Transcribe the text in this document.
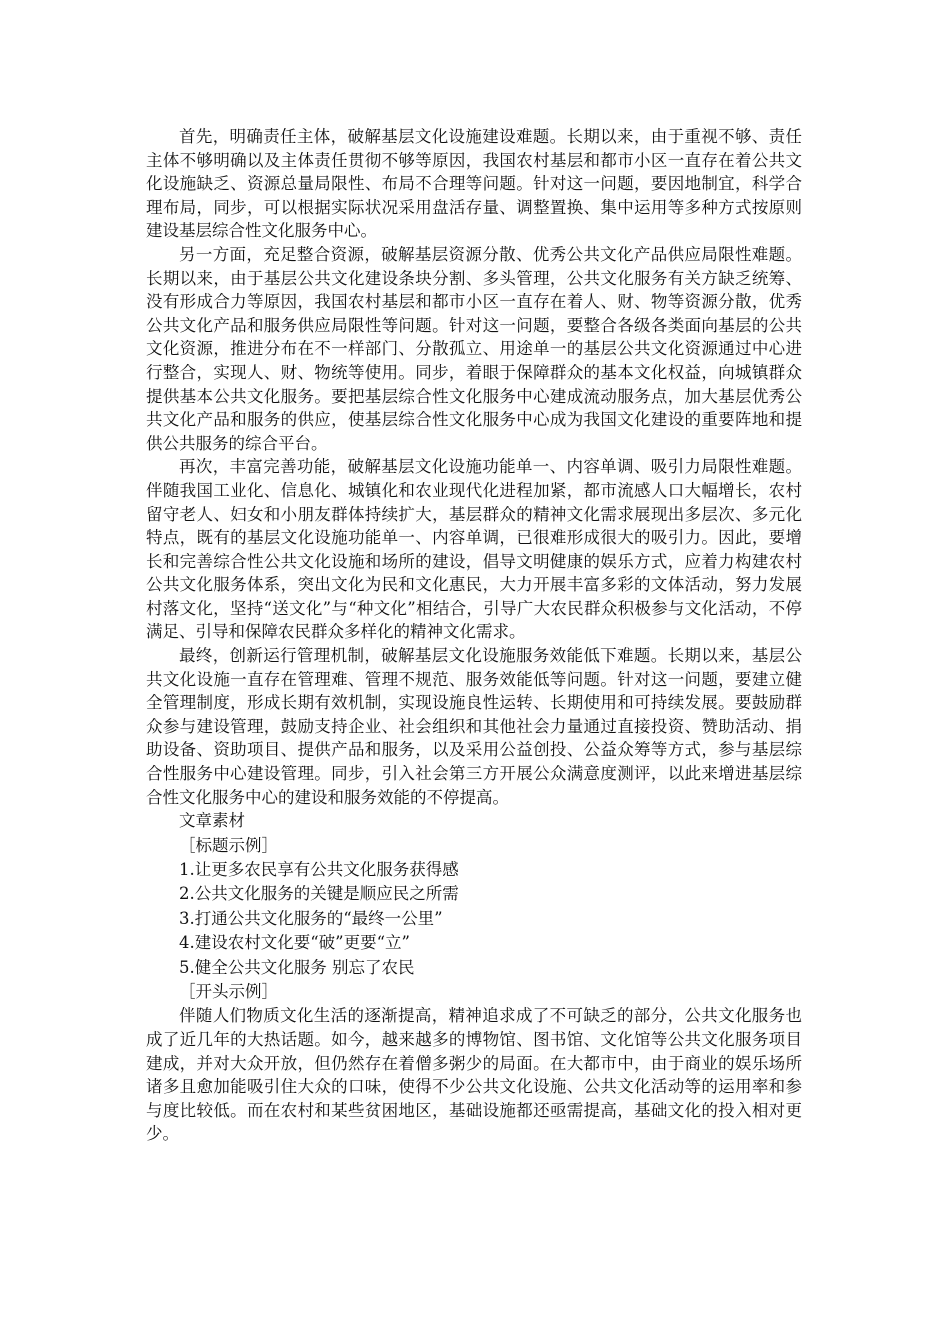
首先，明确责任主体，破解基层文化设施建设难题。长期以来，由于重视不够、责任主体不够明确以及主体责任贯彻不够等原因，我国农村基层和都市小区一直存在着公共文化设施缺乏、资源总量局限性、布局不合理等问题。针对这一问题，要因地制宜，科学合理布局，同步，可以根据实际状况采用盘活存量、调整置换、集中运用等多种方式按原则建设基层综合性文化服务中心。

另一方面，充足整合资源，破解基层资源分散、优秀公共文化产品供应局限性难题。长期以来，由于基层公共文化建设条块分割、多头管理，公共文化服务有关方缺乏统筹、没有形成合力等原因，我国农村基层和都市小区一直存在着人、财、物等资源分散，优秀公共文化产品和服务供应局限性等问题。针对这一问题，要整合各级各类面向基层的公共文化资源，推进分布在不一样部门、分散孤立、用途单一的基层公共文化资源通过中心进行整合，实现人、财、物统等使用。同步，着眼于保障群众的基本文化权益，向城镇群众提供基本公共文化服务。要把基层综合性文化服务中心建成流动服务点，加大基层优秀公共文化产品和服务的供应，使基层综合性文化服务中心成为我国文化建设的重要阵地和提供公共服务的综合平台。

再次，丰富完善功能，破解基层文化设施功能单一、内容单调、吸引力局限性难题。伴随我国工业化、信息化、城镇化和农业现代化进程加紧，都市流感人口大幅增长，农村留守老人、妇女和小朋友群体持续扩大，基层群众的精神文化需求展现出多层次、多元化特点，既有的基层文化设施功能单一、内容单调，已很难形成很大的吸引力。因此，要增长和完善综合性公共文化设施和场所的建设，倡导文明健康的娱乐方式，应着力构建农村公共文化服务体系，突出文化为民和文化惠民，大力开展丰富多彩的文体活动，努力发展村落文化，坚持“送文化”与“种文化”相结合，引导广大农民群众积极参与文化活动，不停满足、引导和保障农民群众多样化的精神文化需求。

最终，创新运行管理机制，破解基层文化设施服务效能低下难题。长期以来，基层公共文化设施一直存在管理难、管理不规范、服务效能低等问题。针对这一问题，要建立健全管理制度，形成长期有效机制，实现设施良性运转、长期使用和可持续发展。要鼓励群众参与建设管理，鼓励支持企业、社会组织和其他社会力量通过直接投资、赞助活动、捐助设备、资助项目、提供产品和服务，以及采用公益创投、公益众筹等方式，参与基层综合性服务中心建设管理。同步，引入社会第三方开展公众满意度测评，以此来增进基层综合性文化服务中心的建设和服务效能的不停提高。

文章素材

［标题示例］

1.让更多农民享有公共文化服务获得感

2.公共文化服务的关键是顺应民之所需

3.打通公共文化服务的“最终一公里”

4.建设农村文化要“破”更要“立”

5.健全公共文化服务 别忘了农民

［开头示例］

伴随人们物质文化生活的逐渐提高，精神追求成了不可缺乏的部分，公共文化服务也成了近几年的大热话题。如今，越来越多的博物馆、图书馆、文化馆等公共文化服务项目建成，并对大众开放，但仍然存在着僧多粥少的局面。在大都市中，由于商业的娱乐场所诸多且愈加能吸引住大众的口味，使得不少公共文化设施、公共文化活动等的运用率和参与度比较低。而在农村和某些贫困地区，基础设施都还亟需提高，基础文化的投入相对更少。
